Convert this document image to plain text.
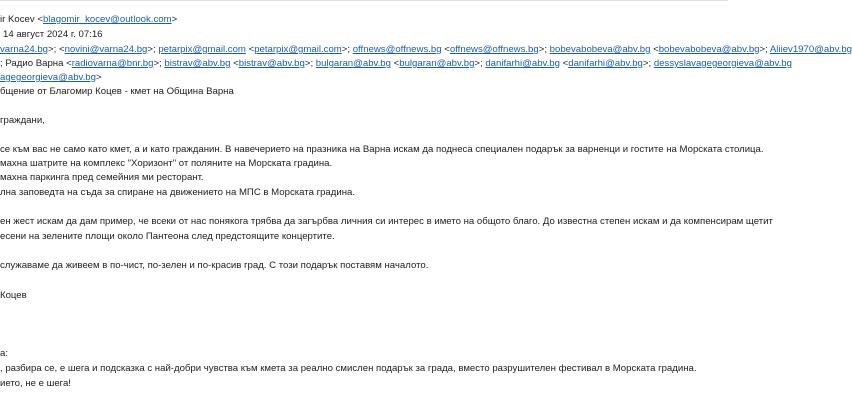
ir Kocev <blagomir_kocev@outlook.com>
14 август 2024 г. 07:16
varna24.bg>; <novini@varna24.bg>; petarpix@gmail.com <petarpix@gmail.com>; offnews@offnews.bg <offnews@offnews.bg>; bobevabobeva@abv.bg <bobevabobeva@abv.bg>; Aliiev1970@abv.bg
; Радио Варна <radiovarna@bnr.bg>; bistrav@abv.bg <bistrav@abv.bg>; bulgaran@abv.bg <bulgaran@abv.bg>; danifarhi@abv.bg <danifarhi@abv.bg>; dessyslavagegeorgieva@abv.bg
agegeorgieva@abv.bg>
бщение от Благомир Коцев - кмет на Община Варна
граждани,
се към вас не само като кмет, а и като гражданин. В навечерието на празника на Варна искам да поднеса специален подарък за варненци и гостите на Морската столица.
махна шатрите на комплекс "Хоризонт" от поляните на Морската градина.
махна паркинга пред семейния ми ресторант.
лна заповедта на съда за спиране на движението на МПС в Морската градина.
ен жест искам да дам пример, че всеки от нас понякога трябва да загърбва личния си интерес в името на общото благо. До известна степен искам и да компенсирам щетит
есени на зелените площи около Пантеона след предстоящите концертите.
служаваме да живеем в по-чист, по-зелен и по-красив град. С този подарък поставям началото.
Коцев
a:
, разбира се, е шега и подсказка с най-добри чувства към кмета за реално смислен подарък за града, вместо разрушителен фестивал в Морската градина.
ието, не е шега!
